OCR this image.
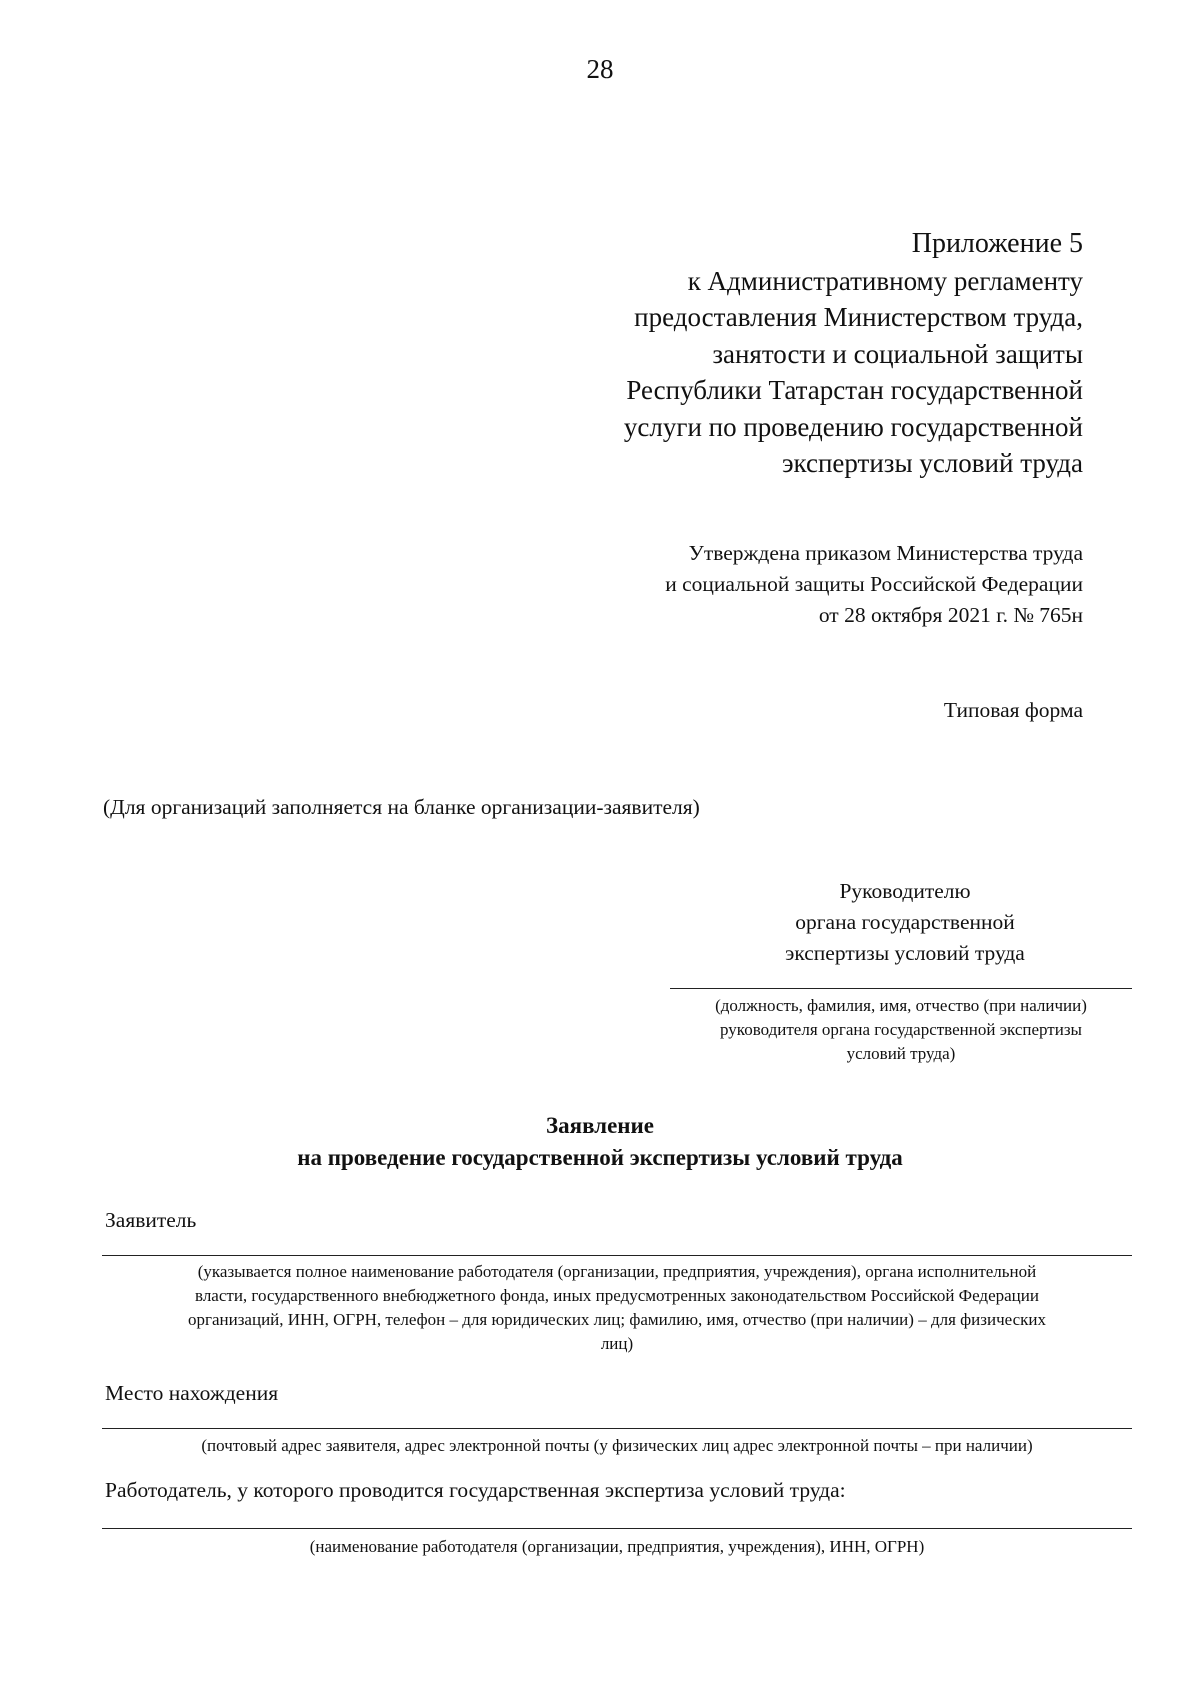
28
Приложение 5
к Административному регламенту
предоставления Министерством труда,
занятости и социальной защиты
Республики Татарстан государственной
услуги по проведению государственной
экспертизы условий труда
Утверждена приказом Министерства труда
и социальной защиты Российской Федерации
от 28 октября 2021 г. № 765н
Типовая форма
(Для организаций заполняется на бланке организации-заявителя)
Руководителю
органа государственной
экспертизы условий труда
(должность, фамилия, имя, отчество (при наличии)
руководителя органа государственной экспертизы
условий труда)
Заявление
на проведение государственной экспертизы условий труда
Заявитель
(указывается полное наименование работодателя (организации, предприятия, учреждения), органа исполнительной
власти, государственного внебюджетного фонда, иных предусмотренных законодательством Российской Федерации
организаций, ИНН, ОГРН, телефон – для юридических лиц; фамилию, имя, отчество (при наличии) – для физических
лиц)
Место нахождения
(почтовый адрес заявителя, адрес электронной почты (у физических лиц адрес электронной почты – при наличии)
Работодатель, у которого проводится государственная экспертиза условий труда:
(наименование работодателя (организации, предприятия, учреждения), ИНН, ОГРН)
